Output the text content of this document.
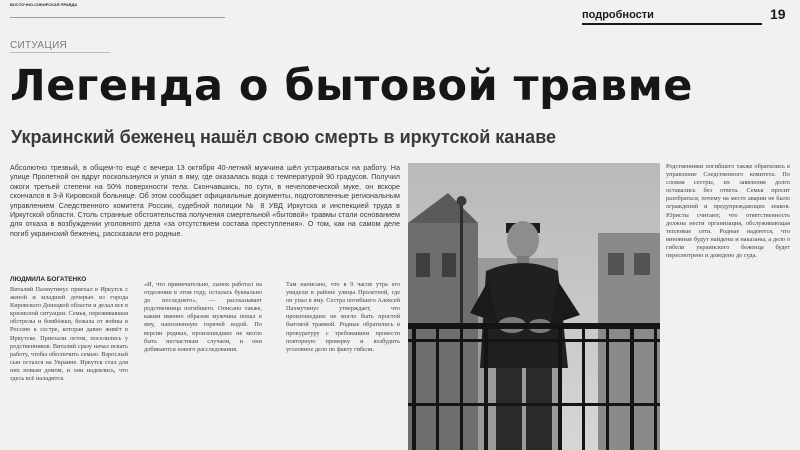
ВОСТОЧНО-СИБИРСКАЯ ПРАВДА
подробности	19
СИТУАЦИЯ
Легенда о бытовой травме
Украинский беженец нашёл свою смерть в иркутской канаве
Абсолютно трезвый, в общем-то ещё с вечера 13 октября 40-летний мужчина шёл устраиваться на работу. На улице Пролетной он вдруг поскользнулся и упал в яму, где оказалась вода с температурой 90 градусов. Получил ожоги третьей степени на 50% поверхности тела. Скончавшись, по сути, в нечеловеческой муке, он вскоре скончался в 3-й Кировской больнице. Об этом сообщает официальные документы, подготовленные региональным управлением Следственного комитета России, судебной полиции № 8 УВД Иркутска и инспекцией труда в Иркутской области. Столь странные обстоятельства получения смертельной «бытовой» травмы стали основанием для отказа в возбуждении уголовного дела «за отсутствием состава преступления». О том, как на самом деле погиб украинский беженец, рассказали его родные.
ЛЮДМИЛА БОГАТЕНКО
Виталий Пахмутинус приехал в Иркутск с женой и младшей дочерью из города Кировского Донецкой области и делал все в кризисной ситуации. Семья, переживавшая обстрелы и бомбёжки, бежала от войны в Россию к сестре, которая давно живёт в Иркутске. Приехали летом, поселились у родственников. Виталий сразу начал искать работу, чтобы обеспечить семью. Взрослый сын остался на Украине. Иркутск стал для них новым домом, и они надеялись, что здесь всё наладится.
«И, что примечательно, сынок работал на отделении в этом году, осталась буквально до последнего», — рассказывает родственница погибшего. Описано также, каким именно образом мужчина попал в яму, наполненную горячей водой. По версии родных, произошедшее не могло быть несчастным случаем, и они добиваются нового расследования.
Там написано, что в 9 часов утра его увидели в районе улицы Пролетной, где он упал в яму. Сестра погибшего Алексей Пахмутинус утверждает, что произошедшее не могло быть простой бытовой травмой. Родные обратились в прокуратуру с требованием провести повторную проверку и возбудить уголовное дело по факту гибели.
Родственники погибшего также обратились в управление Следственного комитета. По словам сестры, их заявления долго оставались без ответа. Семья просит разобраться, почему на месте аварии не было ограждений и предупреждающих знаков. Юристы считают, что ответственность должна нести организация, обслуживающая тепловые сети. Родные надеются, что виновные будут найдены и наказаны, а дело о гибели украинского беженца будет пересмотрено и доведено до суда.
